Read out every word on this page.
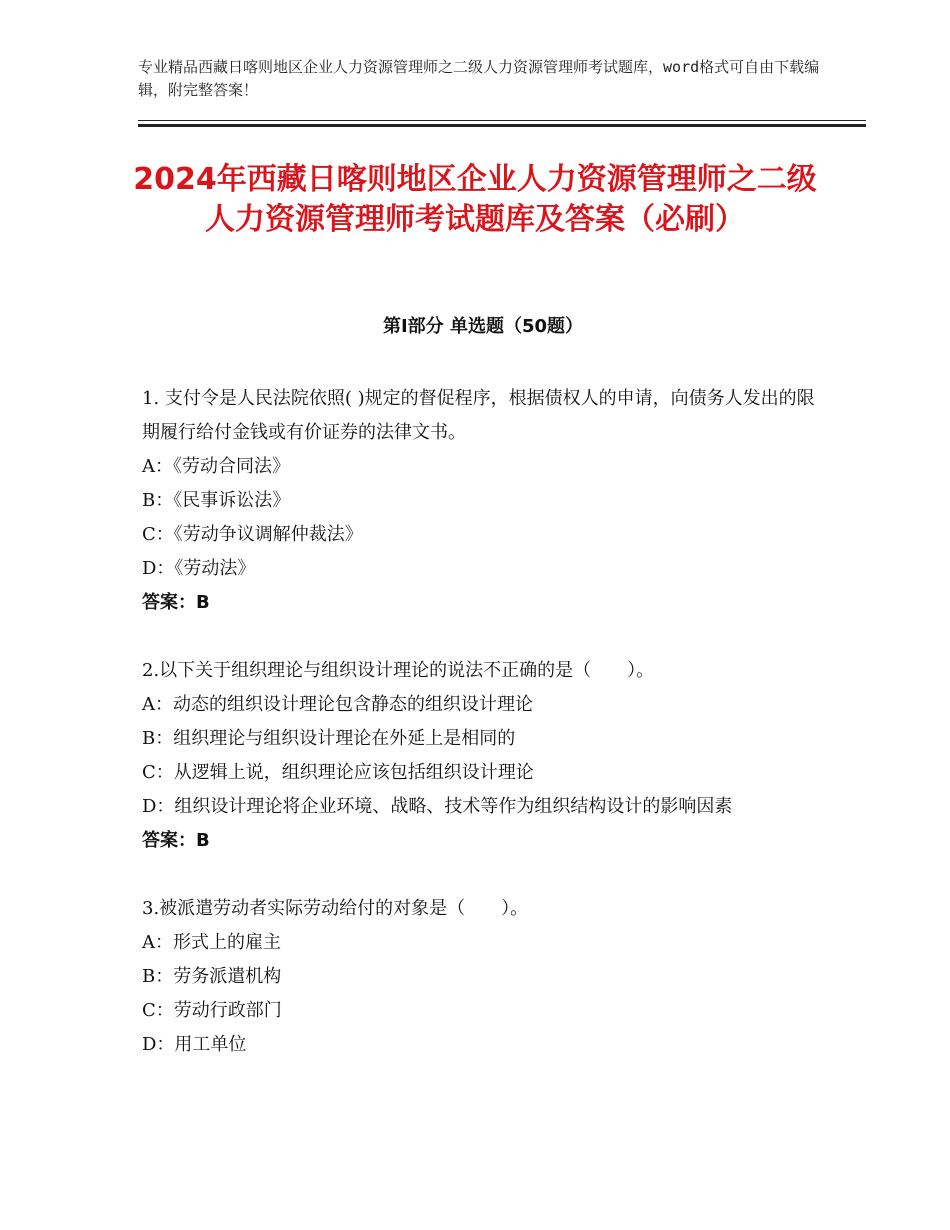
专业精品西藏日喀则地区企业人力资源管理师之二级人力资源管理师考试题库，word格式可自由下载编辑，附完整答案！

2024年西藏日喀则地区企业人力资源管理师之二级人力资源管理师考试题库及答案（必刷）
第Ⅰ部分 单选题（50题）

1. 支付令是人民法院依照( )规定的督促程序，根据债权人的申请，向债务人发出的限期履行给付金钱或有价证券的法律文书。

A：《劳动合同法》

B：《民事诉讼法》

C：《劳动争议调解仲裁法》

D：《劳动法》

答案：B

2.以下关于组织理论与组织设计理论的说法不正确的是（　　）。

A：动态的组织设计理论包含静态的组织设计理论

B：组织理论与组织设计理论在外延上是相同的

C：从逻辑上说，组织理论应该包括组织设计理论

D：组织设计理论将企业环境、战略、技术等作为组织结构设计的影响因素

答案：B

3.被派遣劳动者实际劳动给付的对象是（　　）。

A：形式上的雇主

B：劳务派遣机构

C：劳动行政部门

D：用工单位
